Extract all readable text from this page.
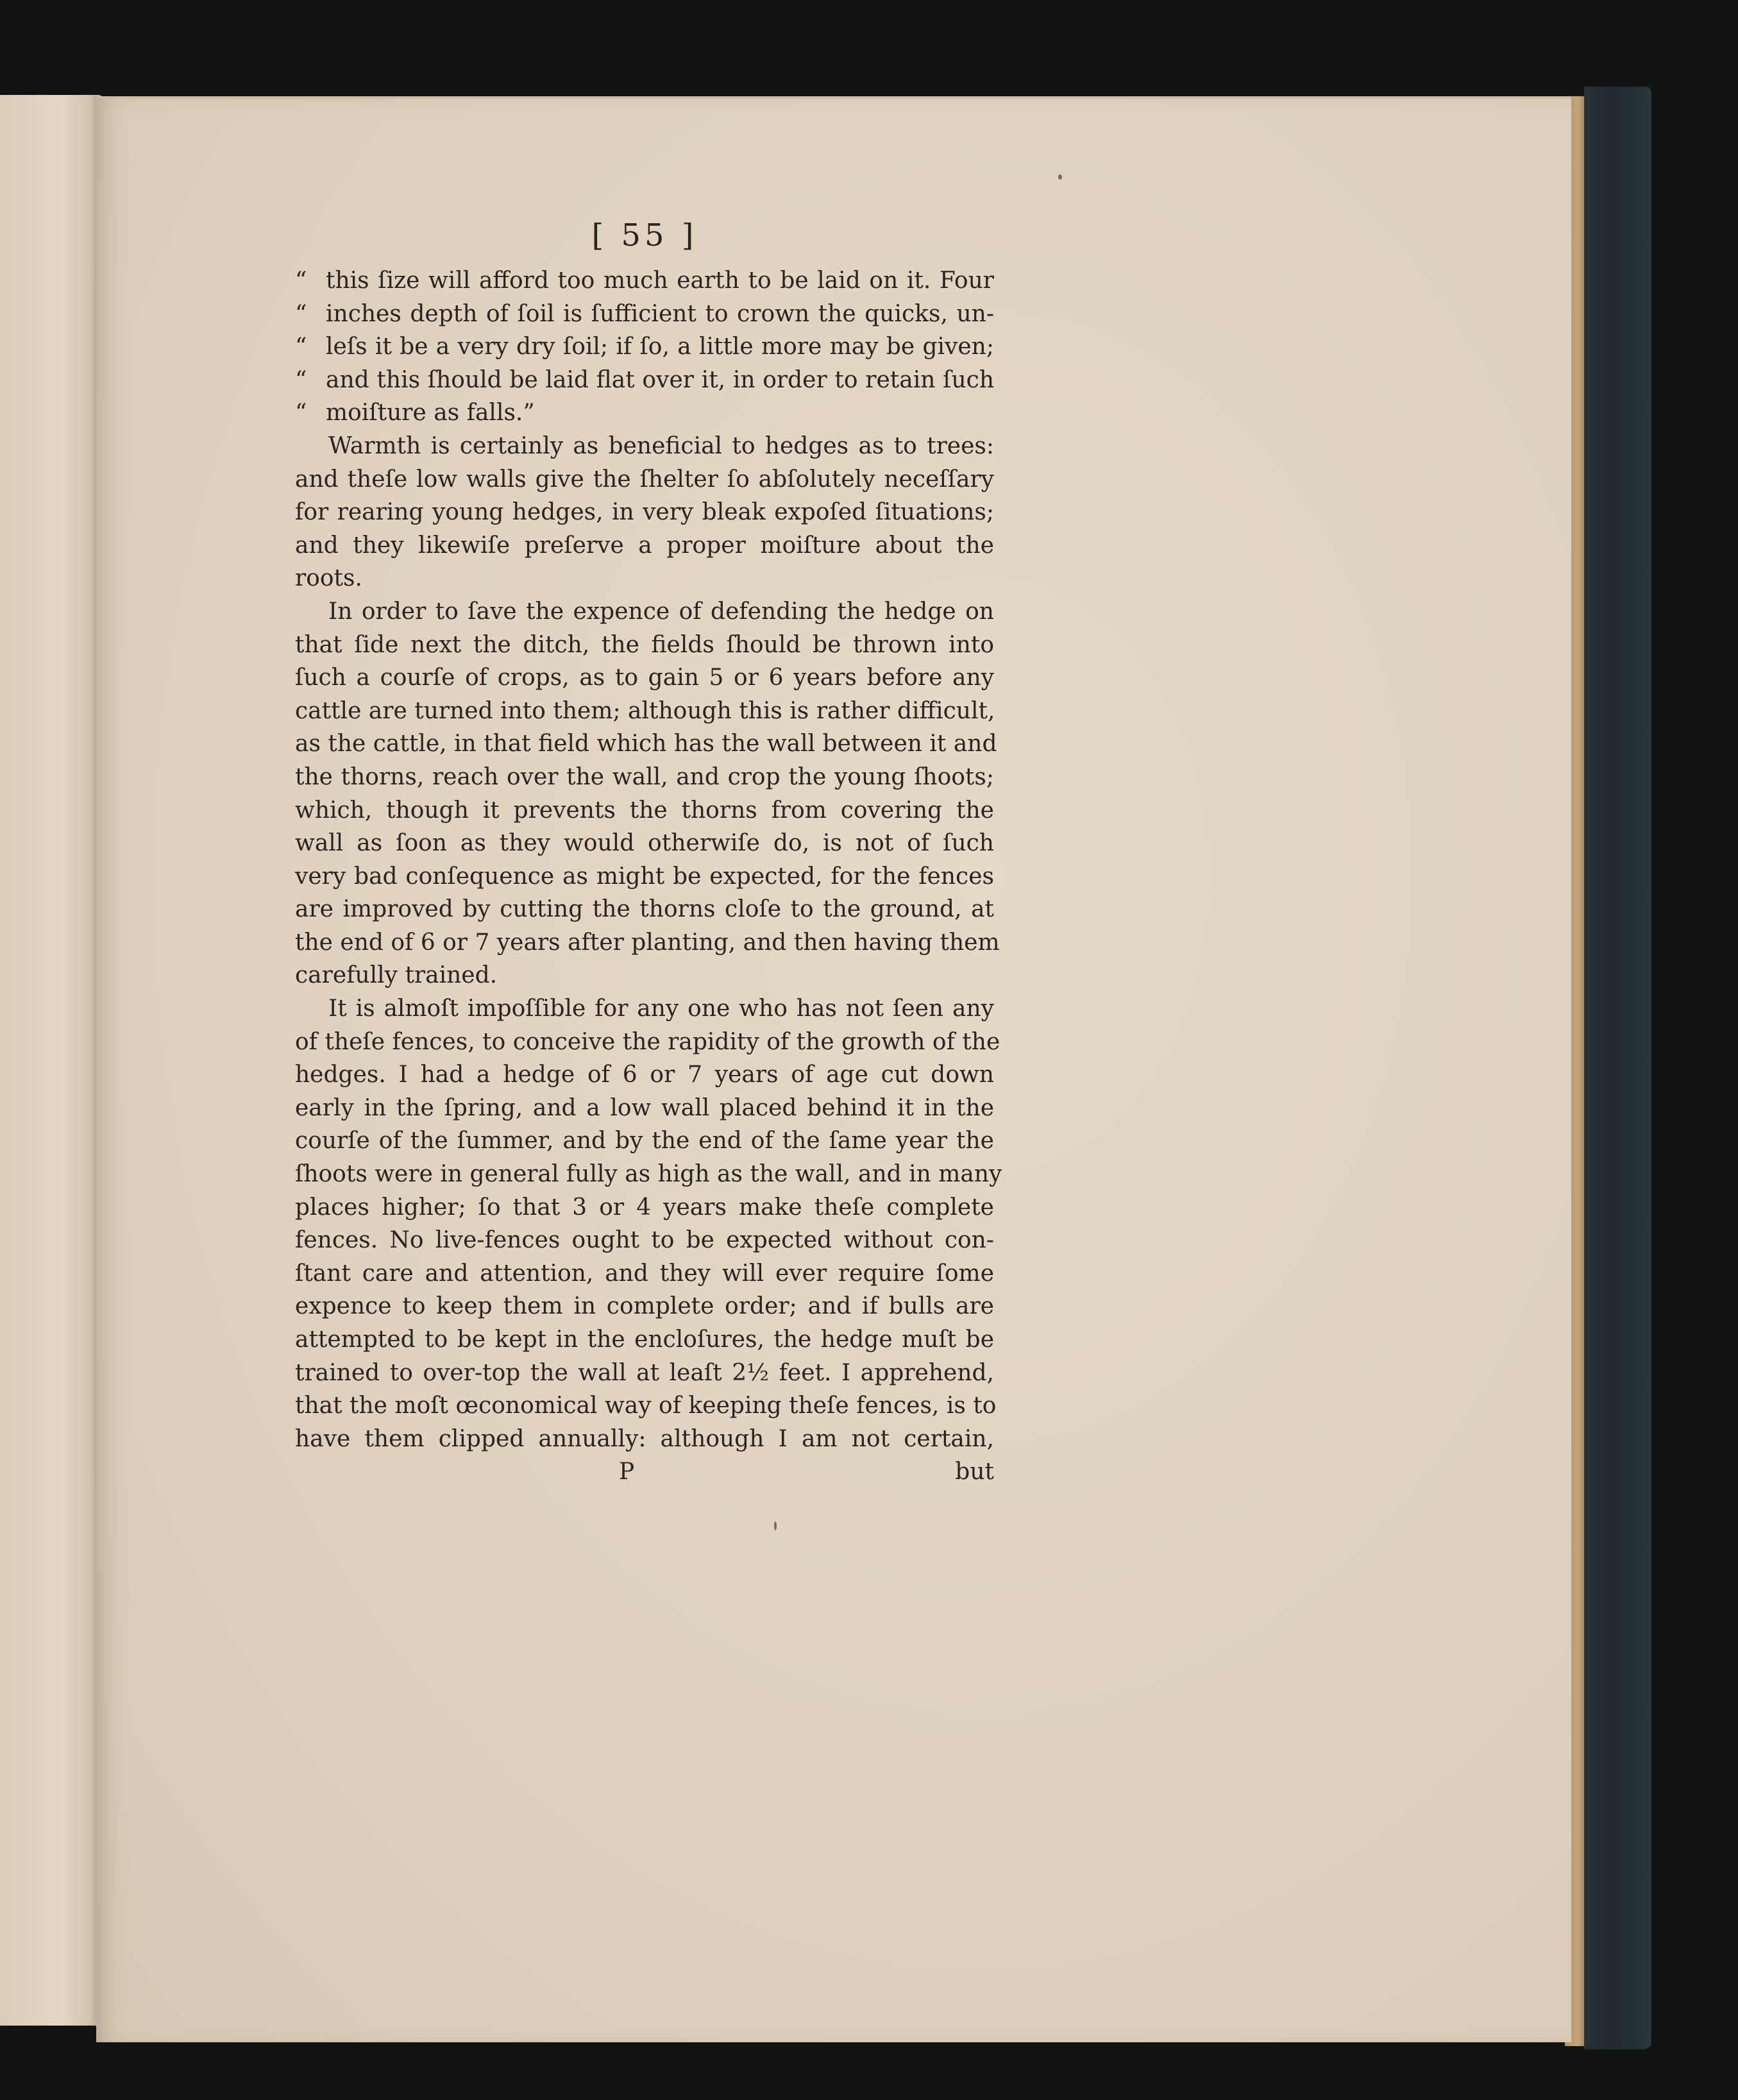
[ 55 ]
“ this ſize will afford too much earth to be laid on it. Four
“ inches depth of ſoil is ſufficient to crown the quicks, un-
“ leſs it be a very dry ſoil; if ſo, a little more may be given;
“ and this ſhould be laid flat over it, in order to retain ſuch
“ moiſture as falls.”
Warmth is certainly as beneficial to hedges as to trees:
and theſe low walls give the ſhelter ſo abſolutely neceſſary
for rearing young hedges, in very bleak expoſed ſituations;
and they likewiſe preſerve a proper moiſture about the
roots.
In order to ſave the expence of defending the hedge on
that ſide next the ditch, the fields ſhould be thrown into
ſuch a courſe of crops, as to gain 5 or 6 years before any
cattle are turned into them; although this is rather difficult,
as the cattle, in that field which has the wall between it and
the thorns, reach over the wall, and crop the young ſhoots;
which, though it prevents the thorns from covering the
wall as ſoon as they would otherwiſe do, is not of ſuch
very bad conſequence as might be expected, for the fences
are improved by cutting the thorns cloſe to the ground, at
the end of 6 or 7 years after planting, and then having them
carefully trained.
It is almoſt impoſſible for any one who has not ſeen any
of theſe fences, to conceive the rapidity of the growth of the
hedges. I had a hedge of 6 or 7 years of age cut down
early in the ſpring, and a low wall placed behind it in the
courſe of the ſummer, and by the end of the ſame year the
ſhoots were in general fully as high as the wall, and in many
places higher; ſo that 3 or 4 years make theſe complete
fences. No live-fences ought to be expected without con-
ſtant care and attention, and they will ever require ſome
expence to keep them in complete order; and if bulls are
attempted to be kept in the encloſures, the hedge muſt be
trained to over-top the wall at leaſt 2½ feet. I apprehend,
that the moſt œconomical way of keeping theſe fences, is to
have them clipped annually: although I am not certain,
P	but
